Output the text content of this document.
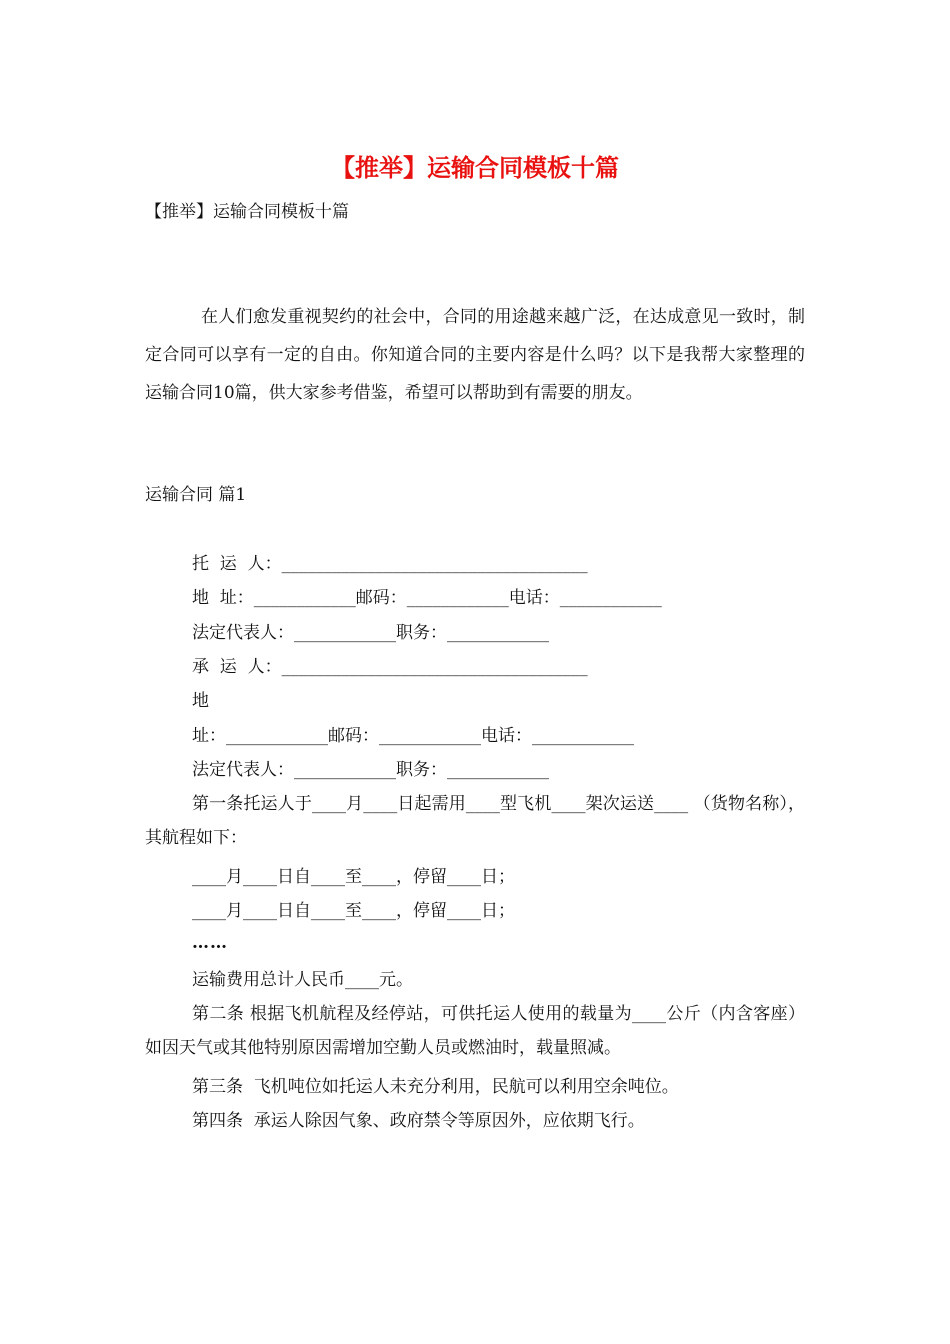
【推举】运输合同模板十篇
【推举】运输合同模板十篇
在人们愈发重视契约的社会中，合同的用途越来越广泛，在达成意见一致时，制定合同可以享有一定的自由。你知道合同的主要内容是什么吗？以下是我帮大家整理的运输合同10篇，供大家参考借鉴，希望可以帮助到有需要的朋友。
运输合同 篇1
托  运  人：____________________________________
地  址：____________邮码：____________电话：____________
法定代表人：____________职务：____________
承  运  人：____________________________________
地
址：____________邮码：____________电话：____________
法定代表人：____________职务：____________
第一条托运人于____月____日起需用____型飞机____架次运送____ （货物名称），其航程如下：
____月____日自____至____，停留____日；
____月____日自____至____，停留____日；
……
运输费用总计人民币____元。
第二条 根据飞机航程及经停站，可供托运人使用的载量为____公斤（内含客座）如因天气或其他特别原因需增加空勤人员或燃油时，载量照减。
第三条  飞机吨位如托运人未充分利用，民航可以利用空余吨位。
第四条  承运人除因气象、政府禁令等原因外，应依期飞行。
